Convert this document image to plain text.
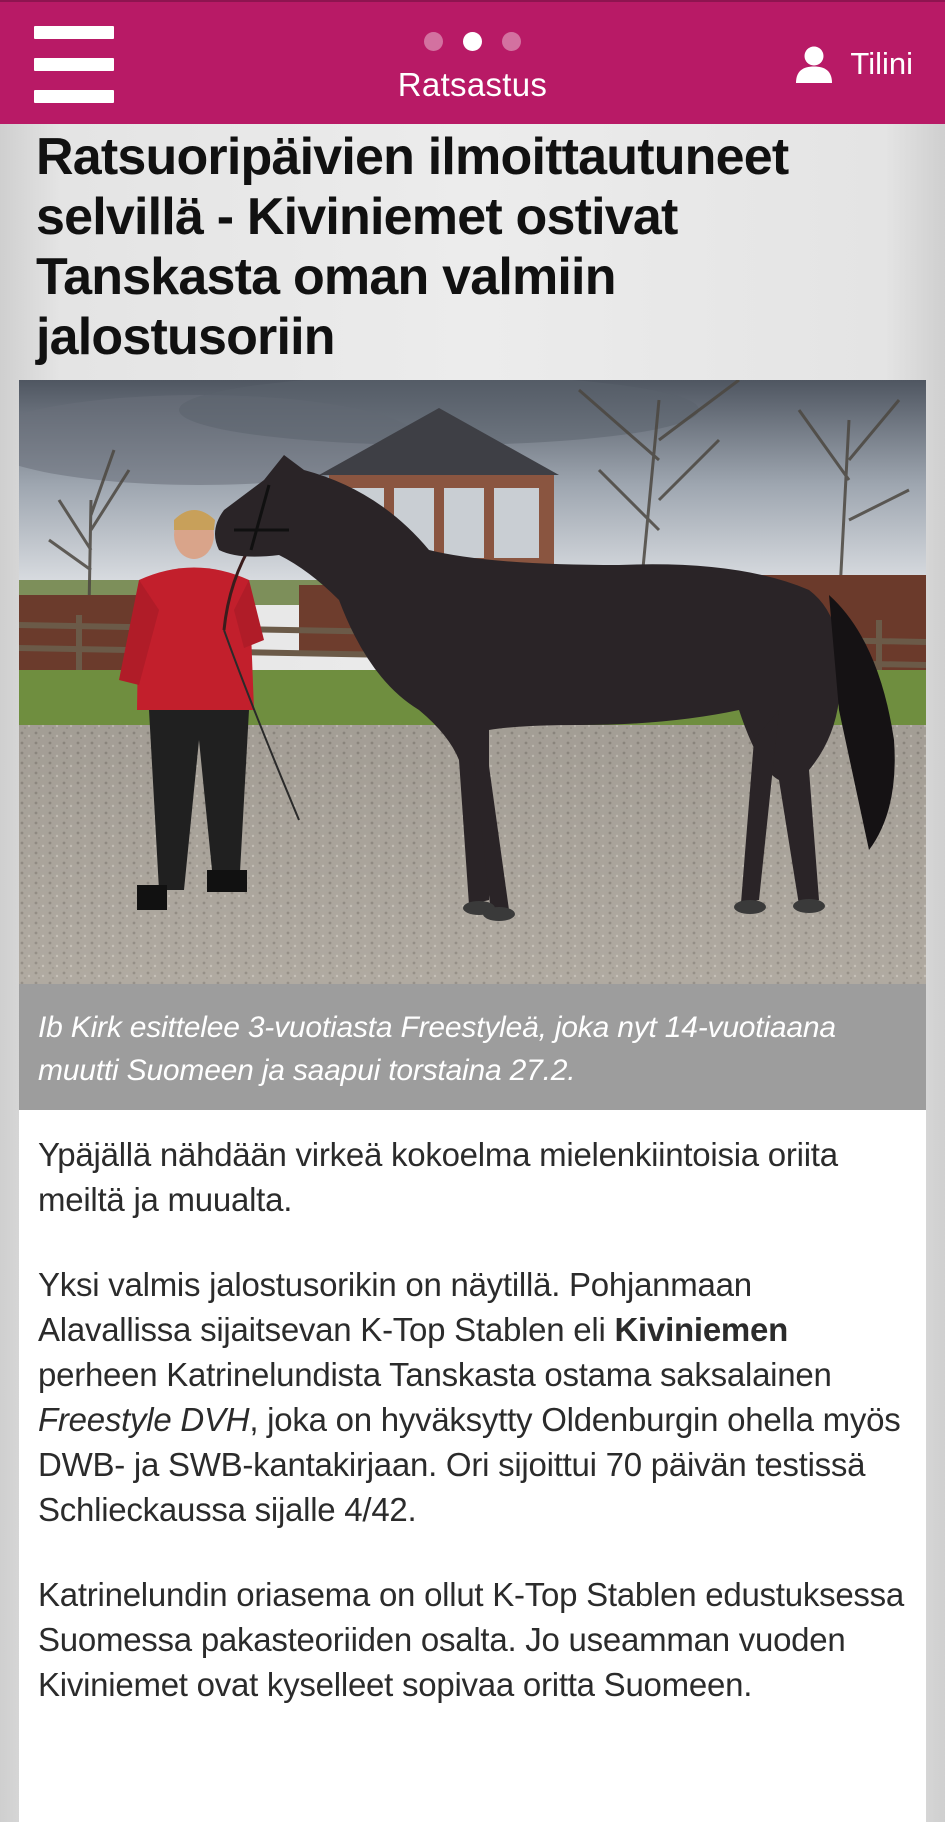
Ratsastus
Tilini
Ratsuoripäivien ilmoittautuneet selvillä - Kiviniemet ostivat Tanskasta oman valmiin jalostusoriin

Ib Kirk esittelee 3-vuotiasta Freestyleä, joka nyt 14-vuotiaana muutti Suomeen ja saapui torstaina 27.2.

Ypäjällä nähdään virkeä kokoelma mielenkiintoisia oriita meiltä ja muualta.

Yksi valmis jalostusorikin on näytillä. Pohjanmaan Alavallissa sijaitsevan K-Top Stablen eli Kiviniemen perheen Katrinelundista Tanskasta ostama saksalainen Freestyle DVH, joka on hyväksytty Oldenburgin ohella myös DWB- ja SWB-kantakirjaan. Ori sijoittui 70 päivän testissä Schlieckaussa sijalle 4/42.

Katrinelundin oriasema on ollut K-Top Stablen edustuksessa Suomessa pakasteoriiden osalta. Jo useamman vuoden Kiviniemet ovat kyselleet sopivaa oritta Suomeen.
